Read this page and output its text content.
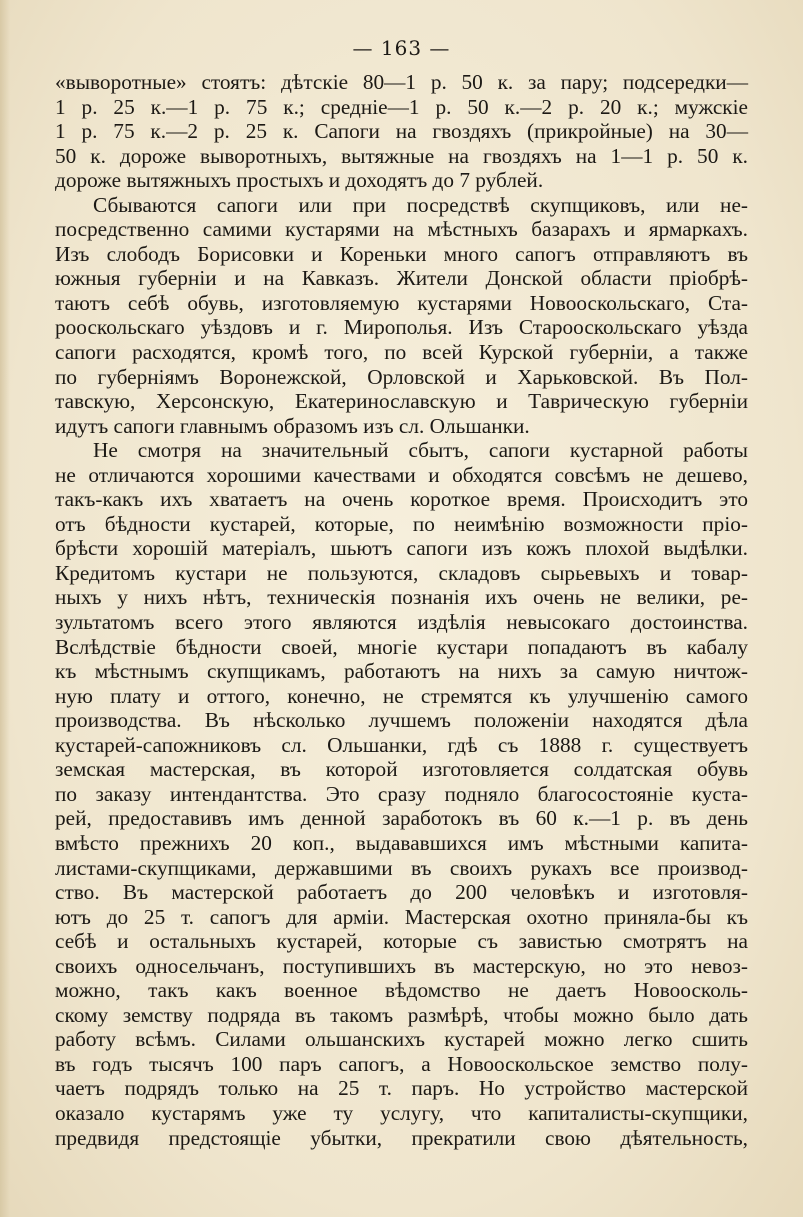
— 163 —
«выворотные» стоятъ: дѣтскіе 80—1 р. 50 к. за пару; подсередки—
1 р. 25 к.—1 р. 75 к.; средніе—1 р. 50 к.—2 р. 20 к.; мужскіе
1 р. 75 к.—2 р. 25 к. Сапоги на гвоздяхъ (прикройные) на 30—
50 к. дороже выворотныхъ, вытяжные на гвоздяхъ на 1—1 р. 50 к.
дороже вытяжныхъ простыхъ и доходятъ до 7 рублей.
Сбываются сапоги или при посредствѣ скупщиковъ, или не-
посредственно самими кустарями на мѣстныхъ базарахъ и ярмаркахъ.
Изъ слободъ Борисовки и Кореньки много сапогъ отправляютъ въ
южныя губерніи и на Кавказъ. Жители Донской области пріобрѣ-
таютъ себѣ обувь, изготовляемую кустарями Новооскольскаго, Ста-
рооскольскаго уѣздовъ и г. Мирополья. Изъ Старооскольскаго уѣзда
сапоги расходятся, кромѣ того, по всей Курской губерніи, а также
по губерніямъ Воронежской, Орловской и Харьковской. Въ Пол-
тавскую, Херсонскую, Екатеринославскую и Таврическую губерніи
идутъ сапоги главнымъ образомъ изъ сл. Ольшанки.
Не смотря на значительный сбытъ, сапоги кустарной работы
не отличаются хорошими качествами и обходятся совсѣмъ не дешево,
такъ-какъ ихъ хватаетъ на очень короткое время. Происходитъ это
отъ бѣдности кустарей, которые, по неимѣнію возможности пріо-
брѣсти хорошій матеріалъ, шьютъ сапоги изъ кожъ плохой выдѣлки.
Кредитомъ кустари не пользуются, складовъ сырьевыхъ и товар-
ныхъ у нихъ нѣтъ, техническія познанія ихъ очень не велики, ре-
зультатомъ всего этого являются издѣлія невысокаго достоинства.
Вслѣдствіе бѣдности своей, многіе кустари попадаютъ въ кабалу
къ мѣстнымъ скупщикамъ, работаютъ на нихъ за самую ничтож-
ную плату и оттого, конечно, не стремятся къ улучшенію самого
производства. Въ нѣсколько лучшемъ положеніи находятся дѣла
кустарей-сапожниковъ сл. Ольшанки, гдѣ съ 1888 г. существуетъ
земская мастерская, въ которой изготовляется солдатская обувь
по заказу интендантства. Это сразу подняло благосостояніе куста-
рей, предоставивъ имъ денной заработокъ въ 60 к.—1 р. въ день
вмѣсто прежнихъ 20 коп., выдававшихся имъ мѣстными капита-
листами-скупщиками, державшими въ своихъ рукахъ все производ-
ство. Въ мастерской работаетъ до 200 человѣкъ и изготовля-
ютъ до 25 т. сапогъ для арміи. Мастерская охотно приняла-бы къ
себѣ и остальныхъ кустарей, которые съ завистью смотрятъ на
своихъ односельчанъ, поступившихъ въ мастерскую, но это невоз-
можно, такъ какъ военное вѣдомство не даетъ Новоосколь-
скому земству подряда въ такомъ размѣрѣ, чтобы можно было дать
работу всѣмъ. Силами ольшанскихъ кустарей можно легко сшить
въ годъ тысячъ 100 паръ сапогъ, а Новооскольское земство полу-
чаетъ подрядъ только на 25 т. паръ. Но устройство мастерской
оказало кустарямъ уже ту услугу, что капиталисты-скупщики,
предвидя предстоящіе убытки, прекратили свою дѣятельность,
